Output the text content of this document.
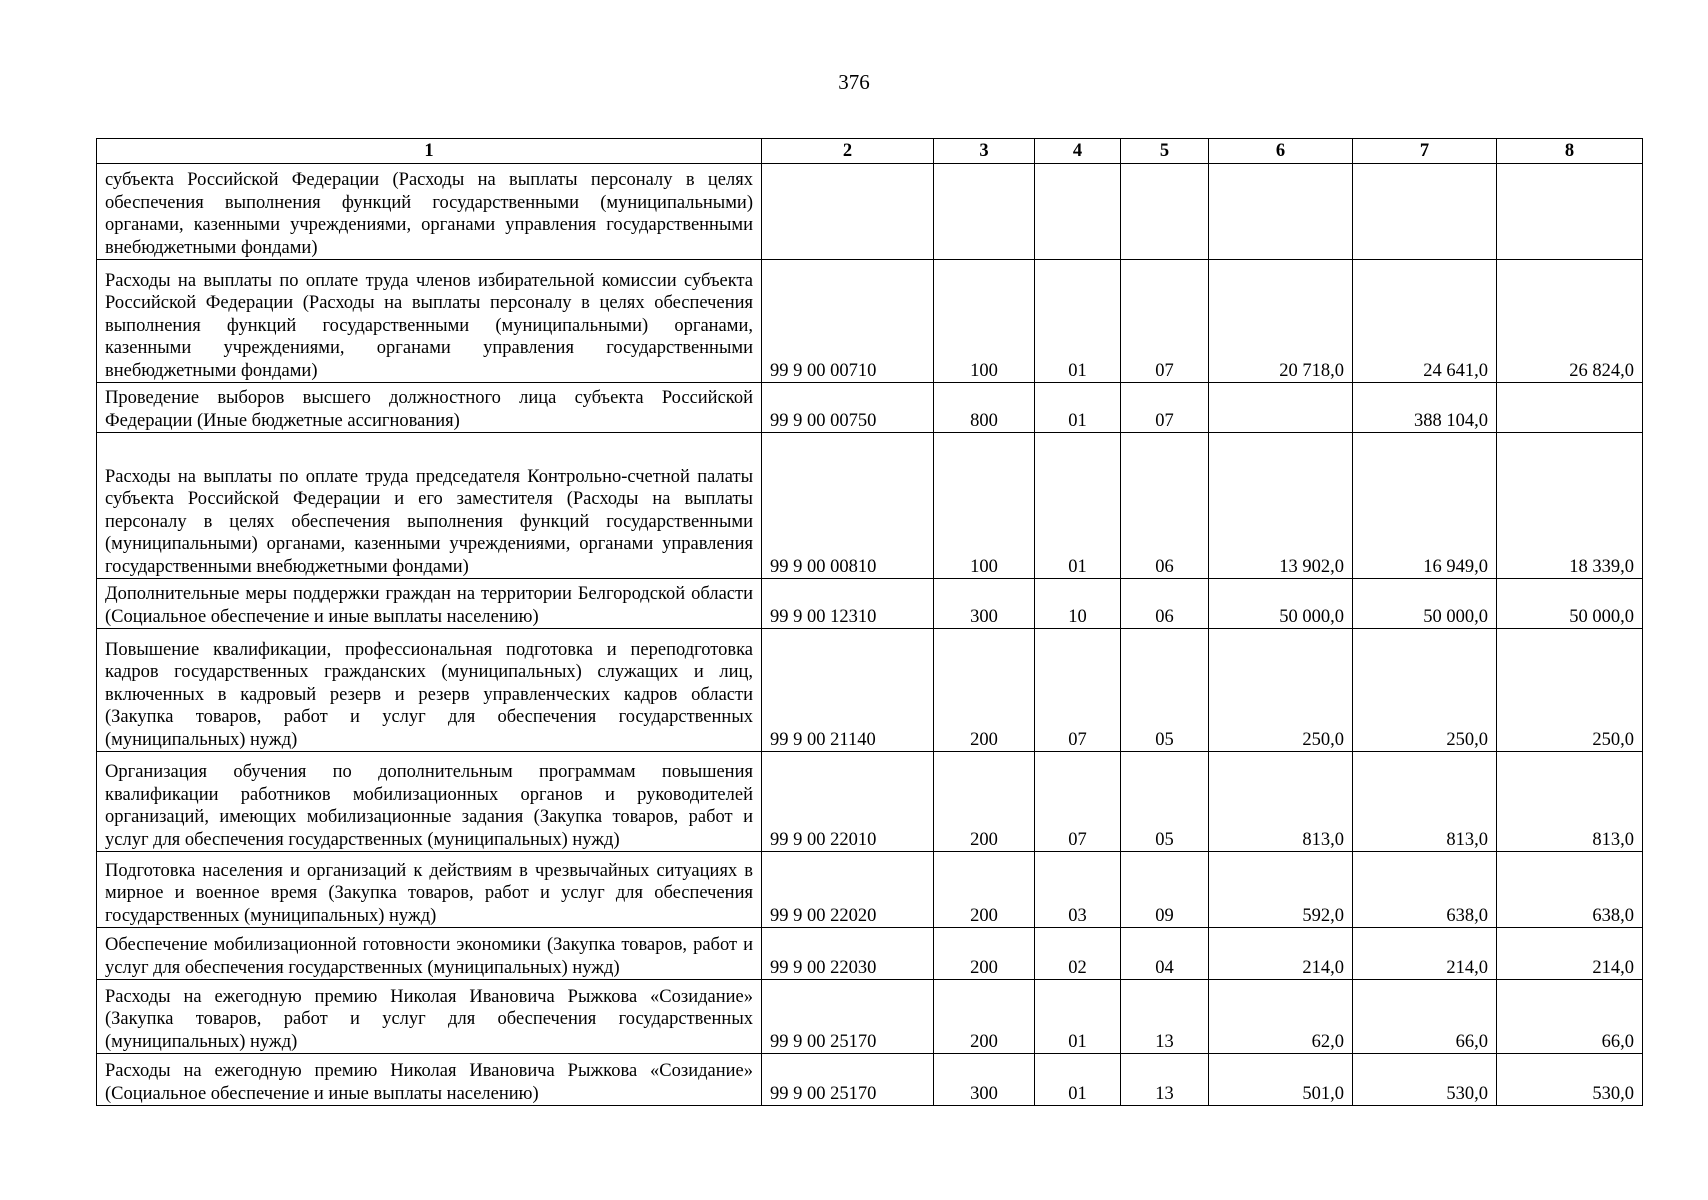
376
1	2	3	4	5	6	7	8
субъекта Российской Федерации (Расходы на выплаты персоналу в целях обеспечения выполнения функций государственными (муниципальными) органами, казенными учреждениями, органами управления государственными внебюджетными фондами)							
Расходы на выплаты по оплате труда членов избирательной комиссии субъекта Российской Федерации (Расходы на выплаты персоналу в целях обеспечения выполнения функций государственными (муниципальными) органами, казенными учреждениями, органами управления государственными внебюджетными фондами)	99 9 00 00710	100	01	07	20 718,0	24 641,0	26 824,0
Проведение выборов высшего должностного лица субъекта Российской Федерации (Иные бюджетные ассигнования)	99 9 00 00750	800	01	07		388 104,0	
Расходы на выплаты по оплате труда председателя Контрольно-счетной палаты субъекта Российской Федерации и его заместителя (Расходы на выплаты персоналу в целях обеспечения выполнения функций государственными (муниципальными) органами, казенными учреждениями, органами управления государственными внебюджетными фондами)	99 9 00 00810	100	01	06	13 902,0	16 949,0	18 339,0
Дополнительные меры поддержки граждан на территории Белгородской области (Социальное обеспечение и иные выплаты населению)	99 9 00 12310	300	10	06	50 000,0	50 000,0	50 000,0
Повышение квалификации, профессиональная подготовка и переподготовка кадров государственных гражданских (муниципальных) служащих и лиц, включенных в кадровый резерв и резерв управленческих кадров области (Закупка товаров, работ и услуг для обеспечения государственных (муниципальных) нужд)	99 9 00 21140	200	07	05	250,0	250,0	250,0
Организация обучения по дополнительным программам повышения квалификации работников мобилизационных органов и руководителей организаций, имеющих мобилизационные задания (Закупка товаров, работ и услуг для обеспечения государственных (муниципальных) нужд)	99 9 00 22010	200	07	05	813,0	813,0	813,0
Подготовка населения и организаций к действиям в чрезвычайных ситуациях в мирное и военное время (Закупка товаров, работ и услуг для обеспечения государственных (муниципальных) нужд)	99 9 00 22020	200	03	09	592,0	638,0	638,0
Обеспечение мобилизационной готовности экономики (Закупка товаров, работ и услуг для обеспечения государственных (муниципальных) нужд)	99 9 00 22030	200	02	04	214,0	214,0	214,0
Расходы на ежегодную премию Николая Ивановича Рыжкова «Созидание» (Закупка товаров, работ и услуг для обеспечения государственных (муниципальных) нужд)	99 9 00 25170	200	01	13	62,0	66,0	66,0
Расходы на ежегодную премию Николая Ивановича Рыжкова «Созидание» (Социальное обеспечение и иные выплаты населению)	99 9 00 25170	300	01	13	501,0	530,0	530,0
